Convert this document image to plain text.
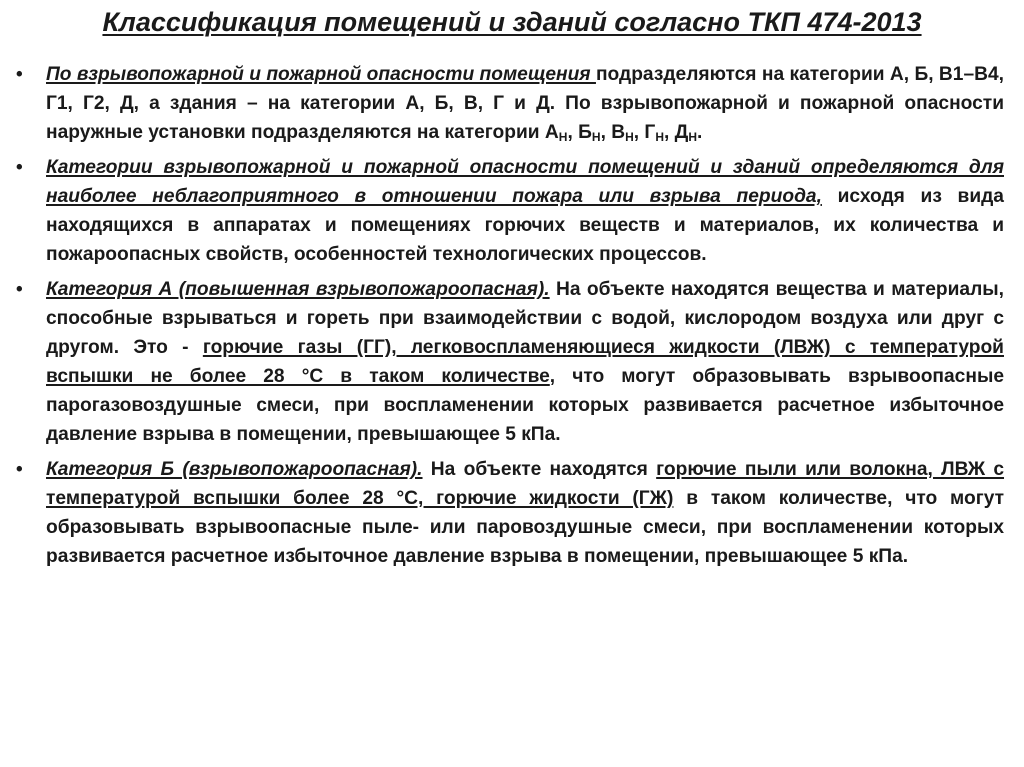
Классификация помещений и зданий согласно ТКП 474-2013
• По взрывопожарной и пожарной опасности помещения подразделяются на категории А, Б, В1–В4, Г1, Г2, Д, а здания – на категории А, Б, В, Г и Д. По взрывопожарной и пожарной опасности наружные установки подразделяются на категории $А_Н$, $Б_Н$, $В_Н$, $Г_Н$, $Д_Н$.
• Категории взрывопожарной и пожарной опасности помещений и зданий определяются для наиболее неблагоприятного в отношении пожара или взрыва периода, исходя из вида находящихся в аппаратах и помещениях горючих веществ и материалов, их количества и пожароопасных свойств, особенностей технологических процессов.
• Категория А (повышенная взрывопожароопасная). На объекте находятся вещества и материалы, способные взрываться и гореть при взаимодействии с водой, кислородом воздуха или друг с другом. Это - горючие газы (ГГ), легковоспламеняющиеся жидкости (ЛВЖ) с температурой вспышки не более 28 °С в таком количестве, что могут образовывать взрывоопасные парогазовоздушные смеси, при воспламенении которых развивается расчетное избыточное давление взрыва в помещении, превышающее 5 кПа.
• Категория Б (взрывопожароопасная). На объекте находятся горючие пыли или волокна, ЛВЖ с температурой вспышки более 28 °С, горючие жидкости (ГЖ) в таком количестве, что могут образовывать взрывоопасные пыле- или паровоздушные смеси, при воспламенении которых развивается расчетное избыточное давление взрыва в помещении, превышающее 5 кПа.
